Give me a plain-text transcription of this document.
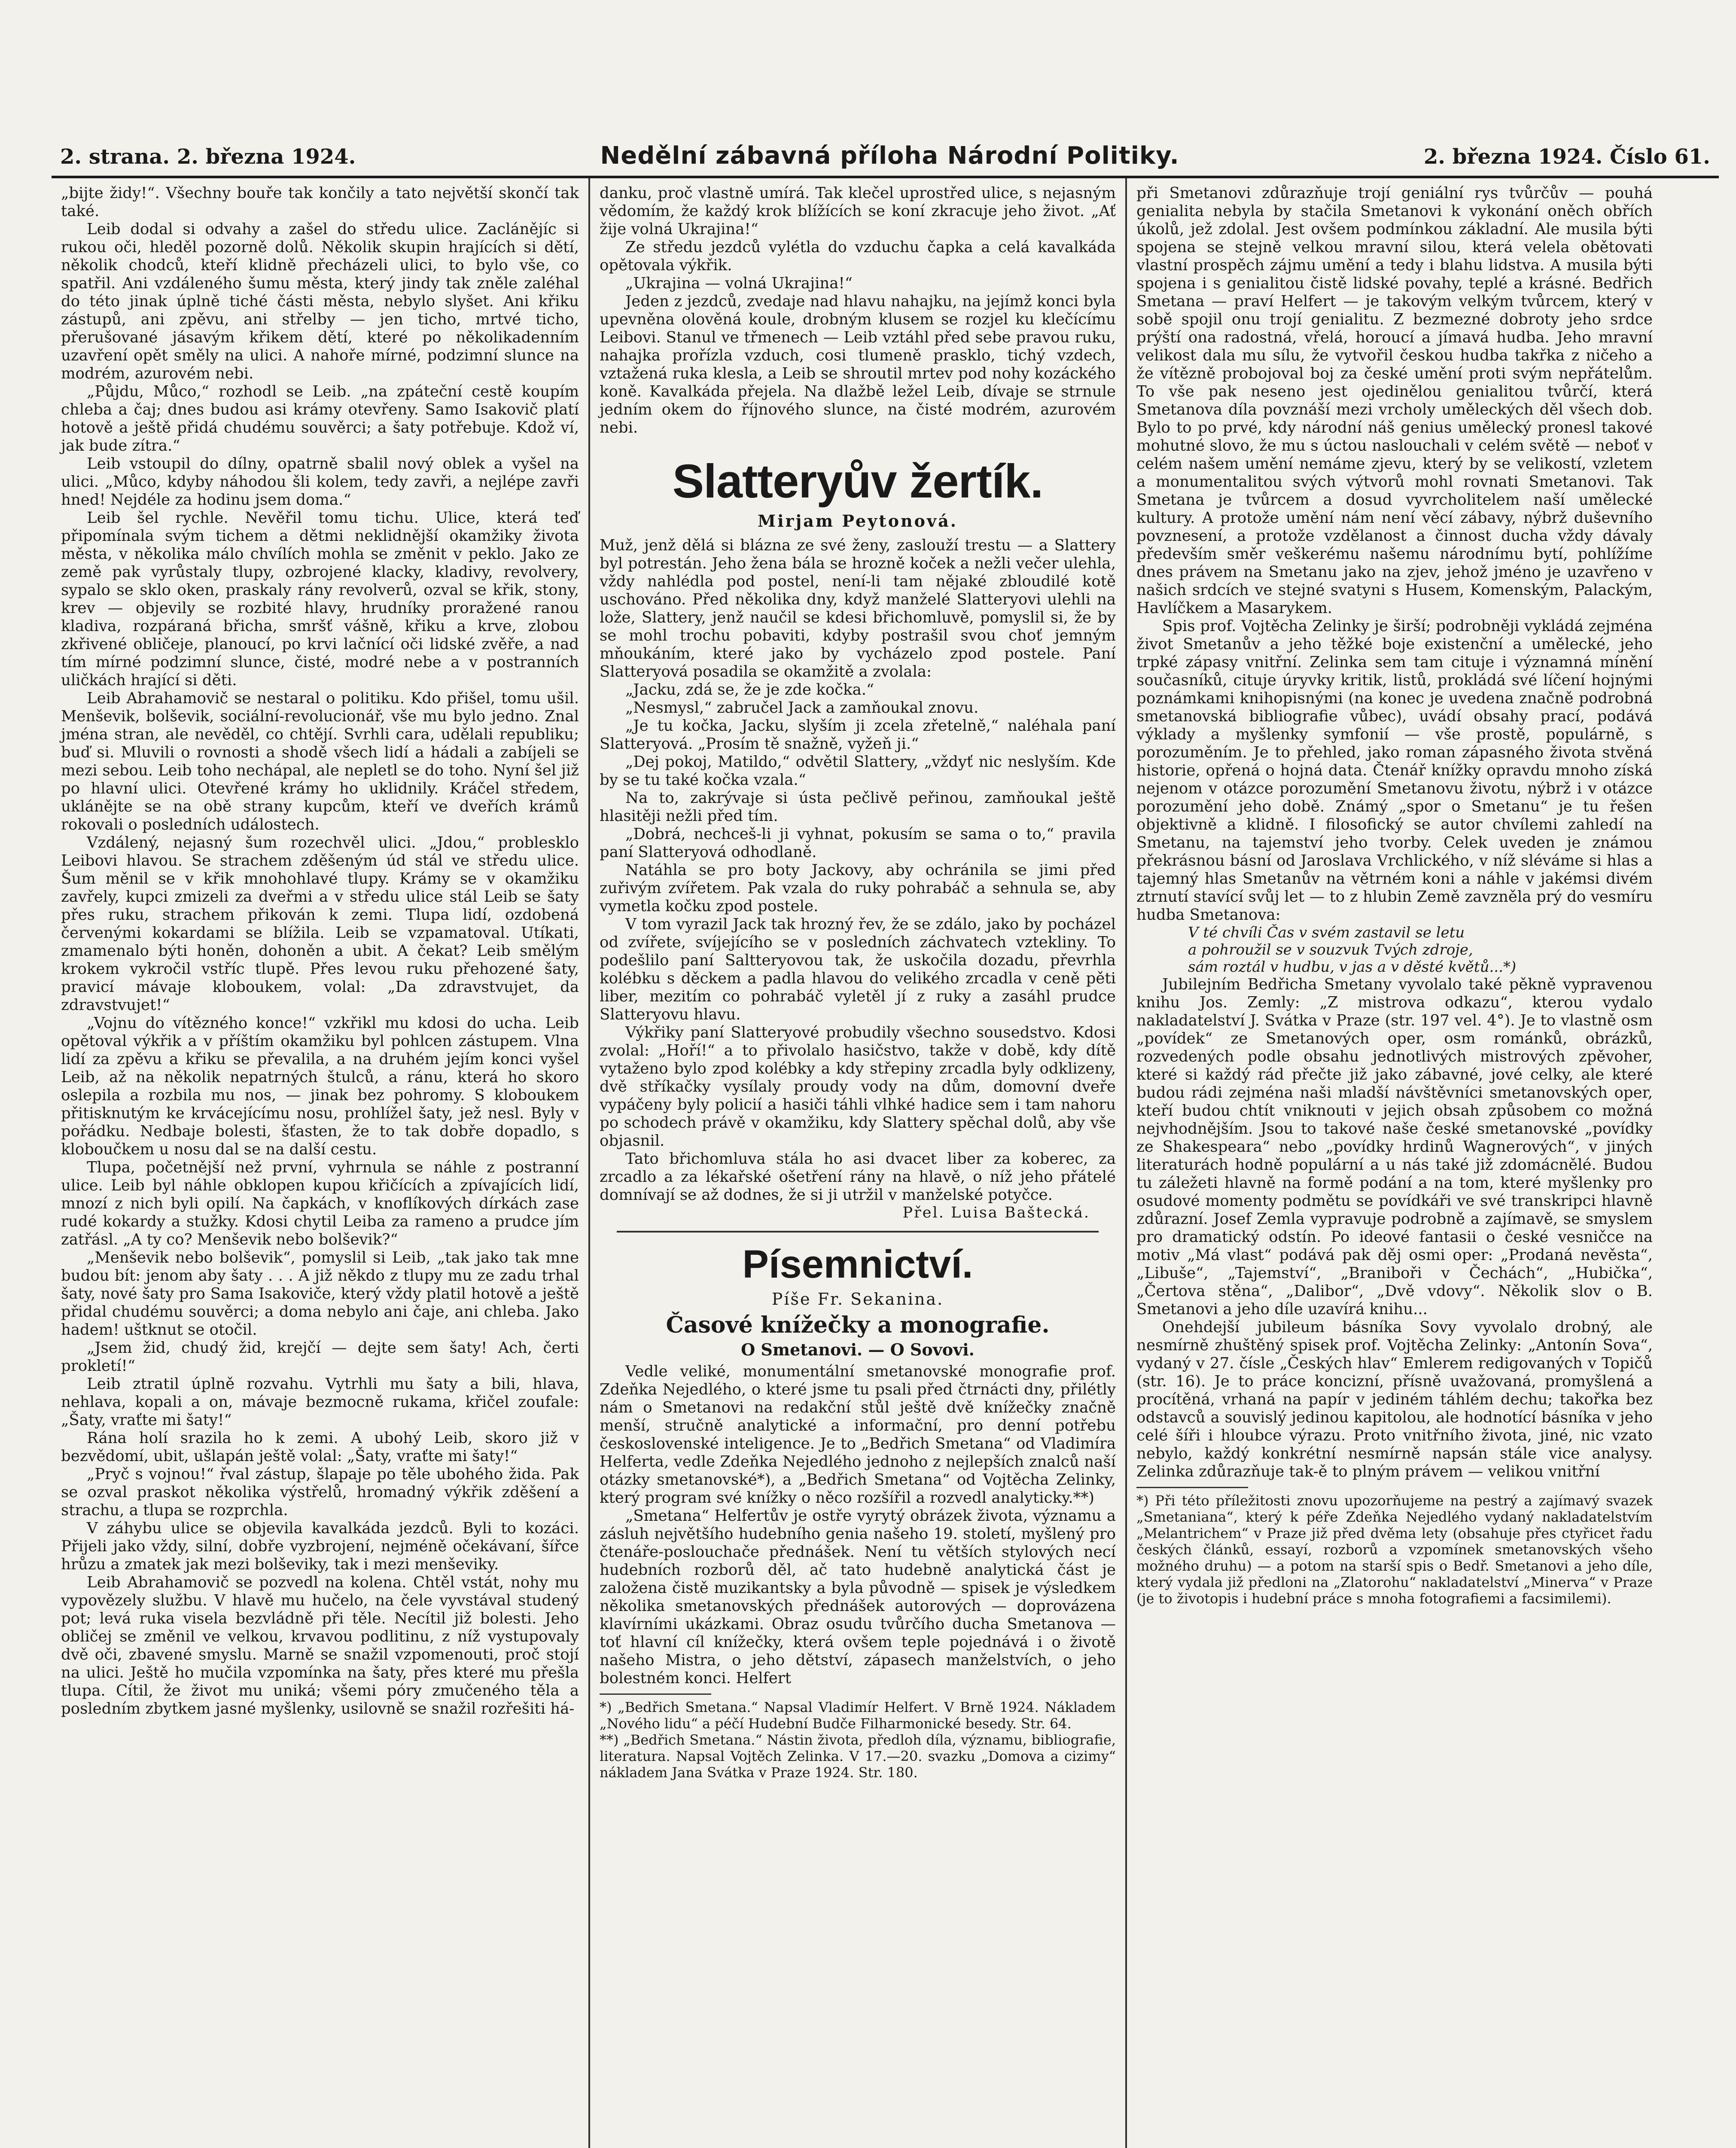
2. strana. 2. března 1924.	Nedělní zábavná příloha Národní Politiky.	2. března 1924. Číslo 61.

„bijte židy!“. Všechny bouře tak končily a tato největší skončí tak také.

Leib dodal si odvahy a zašel do středu ulice. Zaclánějíc si rukou oči, hleděl pozorně dolů. Několik skupin hrajících si dětí, několik chodců, kteří klidně přecházeli ulici, to bylo vše, co spatřil. Ani vzdáleného šumu města, který jindy tak zněle zaléhal do této jinak úplně tiché části města, nebylo slyšet. Ani křiku zástupů, ani zpěvu, ani střelby — jen ticho, mrtvé ticho, přerušované jásavým křikem dětí, které po několikadenním uzavření opět směly na ulici. A nahoře mírné, podzimní slunce na modrém, azurovém nebi.

„Půjdu, Můco,“ rozhodl se Leib. „na zpáteční cestě koupím chleba a čaj; dnes budou asi krámy otevřeny. Samo Isakovič platí hotově a ještě přidá chudému souvěrci; a šaty potřebuje. Kdož ví, jak bude zítra.“

Leib vstoupil do dílny, opatrně sbalil nový oblek a vyšel na ulici. „Můco, kdyby náhodou šli kolem, tedy zavři, a nejlépe zavři hned! Nejdéle za hodinu jsem doma.“

Leib šel rychle. Nevěřil tomu tichu. Ulice, která teď připomínala svým tichem a dětmi neklidnější okamžiky života města, v několika málo chvílích mohla se změnit v peklo. Jako ze země pak vyrůstaly tlupy, ozbrojené klacky, kladivy, revolvery, sypalo se sklo oken, praskaly rány revolverů, ozval se křik, stony, krev — objevily se rozbité hlavy, hrudníky proražené ranou kladiva, rozpáraná břicha, smršť vášně, křiku a krve, zlobou zkřivené obličeje, planoucí, po krvi lačnící oči lidské zvěře, a nad tím mírné podzimní slunce, čisté, modré nebe a v postranních uličkách hrající si děti.

Leib Abrahamovič se nestaral o politiku. Kdo přišel, tomu ušil. Menševik, bolševik, sociální-revolucionář, vše mu bylo jedno. Znal jména stran, ale nevěděl, co chtějí. Svrhli cara, udělali republiku; buď si. Mluvili o rovnosti a shodě všech lidí a hádali a zabíjeli se mezi sebou. Leib toho nechápal, ale nepletl se do toho. Nyní šel již po hlavní ulici. Otevřené krámy ho uklidnily. Kráčel středem, uklánějte se na obě strany kupcům, kteří ve dveřích krámů rokovali o posledních událostech.

Vzdálený, nejasný šum rozechvěl ulici. „Jdou,“ problesklo Leibovi hlavou. Se strachem zděšeným úd stál ve středu ulice. Šum měnil se v křik mnohohlavé tlupy. Krámy se v okamžiku zavřely, kupci zmizeli za dveřmi a v středu ulice stál Leib se šaty přes ruku, strachem přikován k zemi. Tlupa lidí, ozdobená červenými kokardami se blížila. Leib se vzpamatoval. Utíkati, zmamenalo býti honěn, dohoněn a ubit. A čekat? Leib smělým krokem vykročil vstříc tlupě. Přes levou ruku přehozené šaty, pravicí mávaje kloboukem, volal: „Da zdravstvujet, da zdravstvujet!“

„Vojnu do vítězného konce!“ vzkřikl mu kdosi do ucha. Leib opětoval výkřik a v příštím okamžiku byl pohlcen zástupem. Vlna lidí za zpěvu a křiku se převalila, a na druhém jejím konci vyšel Leib, až na několik nepatrných štulců, a ránu, která ho skoro oslepila a rozbila mu nos, — jinak bez pohromy. S kloboukem přitisknutým ke krvácejícímu nosu, prohlížel šaty, jež nesl. Byly v pořádku. Nedbaje bolesti, šťasten, že to tak dobře dopadlo, s kloboučkem u nosu dal se na další cestu.

Tlupa, početnější než první, vyhrnula se náhle z postranní ulice. Leib byl náhle obklopen kupou křičících a zpívajících lidí, mnozí z nich byli opilí. Na čapkách, v knoflíkových dírkách zase rudé kokardy a stužky. Kdosi chytil Leiba za rameno a prudce jím zatřásl. „A ty co? Menševik nebo bolševik?“

„Menševik nebo bolševik“, pomyslil si Leib, „tak jako tak mne budou bít: jenom aby šaty . . . A již někdo z tlupy mu ze zadu trhal šaty, nové šaty pro Sama Isakoviče, který vždy platil hotově a ještě přidal chudému souvěrci; a doma nebylo ani čaje, ani chleba. Jako hadem! uštknut se otočil.

„Jsem žid, chudý žid, krejčí — dejte sem šaty! Ach, čerti prokletí!“

Leib ztratil úplně rozvahu. Vytrhli mu šaty a bili, hlava, nehlava, kopali a on, mávaje bezmocně rukama, křičel zoufale: „Šaty, vraťte mi šaty!“

Rána holí srazila ho k zemi. A ubohý Leib, skoro již v bezvědomí, ubit, ušlapán ještě volal: „Šaty, vraťte mi šaty!“

„Pryč s vojnou!“ řval zástup, šlapaje po těle ubohého žida. Pak se ozval praskot několika výstřelů, hromadný výkřik zděšení a strachu, a tlupa se rozprchla.

V záhybu ulice se objevila kavalkáda jezdců. Byli to kozáci. Přijeli jako vždy, silní, dobře vyzbrojení, nejméně očekávaní, šířce hrůzu a zmatek jak mezi bolševiky, tak i mezi menševiky.

Leib Abrahamovič se pozvedl na kolena. Chtěl vstát, nohy mu vypovězely službu. V hlavě mu hučelo, na čele vyvstával studený pot; levá ruka visela bezvládně při těle. Necítil již bolesti. Jeho obličej se změnil ve velkou, krvavou podlitinu, z níž vystupovaly dvě oči, zbavené smyslu. Marně se snažil vzpomenouti, proč stojí na ulici. Ještě ho mučila vzpomínka na šaty, přes které mu přešla tlupa. Cítil, že život mu uniká; všemi póry zmučeného těla a posledním zbytkem jasné myšlenky, usilovně se snažil rozřešiti há-

danku, proč vlastně umírá. Tak klečel uprostřed ulice, s nejasným vědomím, že každý krok blížících se koní zkracuje jeho život. „Ať žije volná Ukrajina!“

Ze středu jezdců vylétla do vzduchu čapka a celá kavalkáda opětovala výkřik.

„Ukrajina — volná Ukrajina!“

Jeden z jezdců, zvedaje nad hlavu nahajku, na jejímž konci byla upevněna olověná koule, drobným klusem se rozjel ku klečícímu Leibovi. Stanul ve třmenech — Leib vztáhl před sebe pravou ruku, nahajka prořízla vzduch, cosi tlumeně prasklo, tichý vzdech, vztažená ruka klesla, a Leib se shroutil mrtev pod nohy kozáckého koně. Kavalkáda přejela. Na dlažbě ležel Leib, dívaje se strnule jedním okem do říjnového slunce, na čisté modrém, azurovém nebi.

Slatteryův žertík.
Mirjam Peytonová.

Muž, jenž dělá si blázna ze své ženy, zaslouží trestu — a Slattery byl potrestán. Jeho žena bála se hrozně koček a nežli večer ulehla, vždy nahlédla pod postel, není-li tam nějaké zbloudilé kotě uschováno. Před několika dny, když manželé Slatteryovi ulehli na lože, Slattery, jenž naučil se kdesi břichomluvě, pomyslil si, že by se mohl trochu pobaviti, kdyby postrašil svou choť jemným mňoukáním, které jako by vycházelo zpod postele. Paní Slatteryová posadila se okamžitě a zvolala:

„Jacku, zdá se, že je zde kočka.“

„Nesmysl,“ zabručel Jack a zamňoukal znovu.

„Je tu kočka, Jacku, slyším ji zcela zřetelně,“ naléhala paní Slatteryová. „Prosím tě snažně, vyžeň ji.“

„Dej pokoj, Matildo,“ odvětil Slattery, „vždyť nic neslyším. Kde by se tu také kočka vzala.“

Na to, zakrývaje si ústa pečlivě peřinou, zamňoukal ještě hlasitěji nežli před tím.

„Dobrá, nechceš-li ji vyhnat, pokusím se sama o to,“ pravila paní Slatteryová odhodlaně.

Natáhla se pro boty Jackovy, aby ochránila se jimi před zuřivým zvířetem. Pak vzala do ruky pohrabáč a sehnula se, aby vymetla kočku zpod postele.

V tom vyrazil Jack tak hrozný řev, že se zdálo, jako by pocházel od zvířete, svíjejícího se v posledních záchvatech vztekliny. To podešlilo paní Saltteryovou tak, že uskočila dozadu, převrhla kolébku s děckem a padla hlavou do velikého zrcadla v ceně pěti liber, mezitím co pohrabáč vyletěl jí z ruky a zasáhl prudce Slatteryovu hlavu.

Výkřiky paní Slatteryové probudily všechno sousedstvo. Kdosi zvolal: „Hoří!“ a to přivolalo hasičstvo, takže v době, kdy dítě vytaženo bylo zpod kolébky a kdy střepiny zrcadla byly odklizeny, dvě stříkačky vysílaly proudy vody na dům, domovní dveře vypáčeny byly policií a hasiči táhli vlhké hadice sem i tam nahoru po schodech právě v okamžiku, kdy Slattery spěchal dolů, aby vše objasnil.

Tato břichomluva stála ho asi dvacet liber za koberec, za zrcadlo a za lékařské ošetření rány na hlavě, o níž jeho přátelé domnívají se až dodnes, že si ji utržil v manželské potyčce.

Přel. Luisa Baštecká.
Písemnictví.
Píše Fr. Sekanina.
Časové knížečky a monografie.
O Smetanovi. — O Sovovi.

Vedle veliké, monumentální smetanovské monografie prof. Zdeňka Nejedlého, o které jsme tu psali před čtrnácti dny, přilétly nám o Smetanovi na redakční stůl ještě dvě knížečky značně menší, stručně analytické a informační, pro denní potřebu československé inteligence. Je to „Bedřich Smetana“ od Vladimíra Helferta, vedle Zdeňka Nejedlého jednoho z nejlepších znalců naší otázky smetanovské*), a „Bedřich Smetana“ od Vojtěcha Zelinky, který program své knížky o něco rozšířil a rozvedl analyticky.**)

„Smetana“ Helfertův je ostře vyrytý obrázek života, významu a zásluh největšího hudebního genia našeho 19. století, myšlený pro čtenáře-poslouchače přednášek. Není tu větších stylových necí hudebních rozborů děl, ač tato hudebně analytická část je založena čistě muzikantsky a byla původně — spisek je výsledkem několika smetanovských přednášek autorových — doprovázena klavírními ukázkami. Obraz osudu tvůrčího ducha Smetanova — toť hlavní cíl knížečky, která ovšem teple pojednává i o životě našeho Mistra, o jeho dětství, zápasech manželstvích, o jeho bolestném konci. Helfert

*) „Bedřich Smetana.“ Napsal Vladimír Helfert. V Brně 1924. Nákladem „Nového lidu“ a péčí Hudební Budče Filharmonické besedy. Str. 64.
**) „Bedřich Smetana.“ Nástin života, předloh díla, významu, bibliografie, literatura. Napsal Vojtěch Zelinka. V 17.—20. svazku „Domova a cizimy“ nákladem Jana Svátka v Praze 1924. Str. 180.

při Smetanovi zdůrazňuje trojí geniální rys tvůrčův — pouhá genialita nebyla by stačila Smetanovi k vykonání oněch obřích úkolů, jež zdolal. Jest ovšem podmínkou základní. Ale musila býti spojena se stejně velkou mravní silou, která velela obětovati vlastní prospěch zájmu umění a tedy i blahu lidstva. A musila býti spojena i s genialitou čistě lidské povahy, teplé a krásné. Bedřich Smetana — praví Helfert — je takovým velkým tvůrcem, který v sobě spojil onu trojí genialitu. Z bezmezné dobroty jeho srdce prýští ona radostná, vřelá, horoucí a jímavá hudba. Jeho mravní velikost dala mu sílu, že vytvořil českou hudba takřka z ničeho a že vítězně probojoval boj za české umění proti svým nepřátelům. To vše pak neseno jest ojedinělou genialitou tvůrčí, která Smetanova díla povznáší mezi vrcholy uměleckých děl všech dob. Bylo to po prvé, kdy národní náš genius umělecký pronesl takové mohutné slovo, že mu s úctou naslouchali v celém světě — neboť v celém našem umění nemáme zjevu, který by se velikostí, vzletem a monumentalitou svých výtvorů mohl rovnati Smetanovi. Tak Smetana je tvůrcem a dosud vyvrcholitelem naší umělecké kultury. A protože umění nám není věcí zábavy, nýbrž duševního povznesení, a protože vzdělanost a činnost ducha vždy dávaly především směr veškerému našemu národnímu bytí, pohlížíme dnes právem na Smetanu jako na zjev, jehož jméno je uzavřeno v našich srdcích ve stejné svatyni s Husem, Komenským, Palackým, Havlíčkem a Masarykem.

Spis prof. Vojtěcha Zelinky je širší; podrobněji vykládá zejména život Smetanův a jeho těžké boje existenční a umělecké, jeho trpké zápasy vnitřní. Zelinka sem tam cituje i významná mínění současníků, cituje úryvky kritik, listů, prokládá své líčení hojnými poznámkami knihopisnými (na konec je uvedena značně podrobná smetanovská bibliografie vůbec), uvádí obsahy prací, podává výklady a myšlenky symfonií — vše prostě, populárně, s porozuměním. Je to přehled, jako roman zápasného života stvěná historie, opřená o hojná data. Čtenář knížky opravdu mnoho získá nejenom v otázce porozumění Smetanovu životu, nýbrž i v otázce porozumění jeho době. Známý „spor o Smetanu“ je tu řešen objektivně a klidně. I filosofický se autor chvílemi zahledí na Smetanu, na tajemství jeho tvorby. Celek uveden je známou překrásnou básní od Jaroslava Vrchlického, v níž sléváme si hlas a tajemný hlas Smetanův na větrném koni a náhle v jakémsi divém ztrnutí stavící svůj let — to z hlubin Země zavzněla prý do vesmíru hudba Smetanova:

V té chvíli Čas v svém zastavil se letu
a pohroužil se v souzvuk Tvých zdroje,
sám roztál v hudbu, v jas a v děsté květů...*)

Jubilejním Bedřicha Smetany vyvolalo také pěkně vypravenou knihu Jos. Zemly: „Z mistrova odkazu“, kterou vydalo nakladatelství J. Svátka v Praze (str. 197 vel. 4°). Je to vlastně osm „povídek“ ze Smetanových oper, osm románků, obrázků, rozvedených podle obsahu jednotlivých mistrových zpěvoher, které si každý rád přečte již jako zábavné, jové celky, ale které budou rádi zejména naši mladší návštěvníci smetanovských oper, kteří budou chtít vniknouti v jejich obsah způsobem co možná nejvhodnějším. Jsou to takové naše české smetanovské „povídky ze Shakespeara“ nebo „povídky hrdinů Wagnerových“, v jiných literaturách hodně populární a u nás také již zdomácnělé. Budou tu záležeti hlavně na formě podání a na tom, které myšlenky pro osudové momenty podmětu se povídkáři ve své transkripci hlavně zdůrazní. Josef Zemla vypravuje podrobně a zajímavě, se smyslem pro dramatický odstín. Po ideové fantasii o české vesničce na motiv „Má vlast“ podává pak děj osmi oper: „Prodaná nevěsta“, „Libuše“, „Tajemství“, „Braniboři v Čechách“, „Hubička“, „Čertova stěna“, „Dalibor“, „Dvě vdovy“. Několik slov o B. Smetanovi a jeho díle uzavírá knihu...

Onehdejší jubileum básníka Sovy vyvolalo drobný, ale nesmírně zhuštěný spisek prof. Vojtěcha Zelinky: „Antonín Sova“, vydaný v 27. čísle „Českých hlav“ Emlerem redigovaných v Topičů (str. 16). Je to práce koncizní, přísně uvažovaná, promyšlená a procítěná, vrhaná na papír v jediném táhlém dechu; takořka bez odstavců a souvislý jedinou kapitolou, ale hodnotící básníka v jeho celé šíři i hloubce výrazu. Proto vnitřního života, jiné, nic vzato nebylo, každý konkrétní nesmírně napsán stále vice analysy. Zelinka zdůrazňuje tak-ě to plným právem — velikou vnitřní

*) Při této příležitosti znovu upozorňujeme na pestrý a zajímavý svazek „Smetaniana“, který k péře Zdeňka Nejedlého vydaný nakladatelstvím „Melantrichem“ v Praze již před dvěma lety (obsahuje přes ctyřicet řadu českých článků, essayí, rozborů a vzpomínek smetanovských všeho možného druhu) — a potom na starší spis o Bedř. Smetanovi a jeho díle, který vydala již předloni na „Zlatorohu“ nakladatelství „Minerva“ v Praze (je to životopis i hudební práce s mnoha fotografiemi a facsimilemi).
